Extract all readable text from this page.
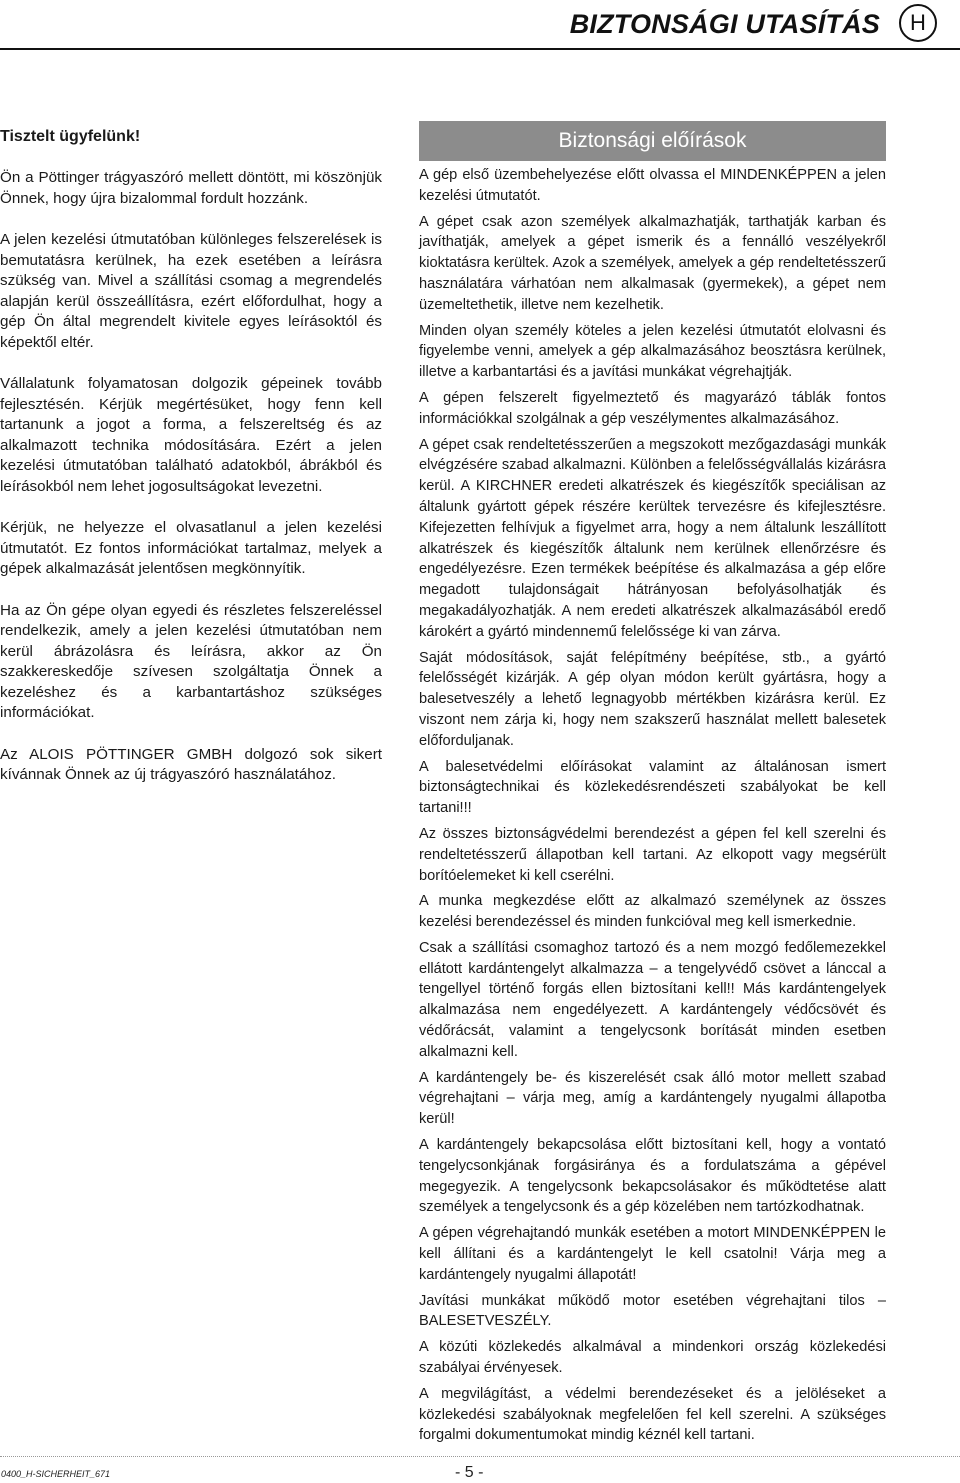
BIZTONSÁGI UTASÍTÁS	H
Tisztelt ügyfelünk!

Ön a Pöttinger trágyaszóró mellett döntött, mi köszönjük Önnek, hogy újra bizalommal fordult hozzánk.

A jelen kezelési útmutatóban különleges felszerelések is bemutatásra kerülnek, ha ezek esetében a leírásra szükség van. Mivel a szállítási csomag a megrendelés alapján kerül összeállításra, ezért előfordulhat, hogy a gép Ön által megrendelt kivitele egyes leírásoktól és képektől eltér.

Vállalatunk folyamatosan dolgozik gépeinek tovább fejlesztésén. Kérjük megértésüket, hogy fenn kell tartanunk a jogot a forma, a felszereltség és az alkalmazott technika módosítására. Ezért a jelen kezelési útmutatóban található adatokból, ábrákból és leírásokból nem lehet jogosultságokat levezetni.

Kérjük, ne helyezze el olvasatlanul a jelen kezelési útmutatót. Ez fontos információkat tartalmaz, melyek a gépek alkalmazását jelentősen megkönnyítik.

Ha az Ön gépe olyan egyedi és részletes felszereléssel rendelkezik, amely a jelen kezelési útmutatóban nem kerül ábrázolásra és leírásra, akkor az Ön szakkereskedője szívesen szolgáltatja Önnek a kezeléshez és a karbantartáshoz szükséges információkat.

Az ALOIS PÖTTINGER GMBH dolgozó sok sikert kívánnak Önnek az új trágyaszóró használatához.

Biztonsági előírások

A gép első üzembehelyezése előtt olvassa el MINDENKÉPPEN a jelen kezelési útmutatót.

A gépet csak azon személyek alkalmazhatják, tarthatják karban és javíthatják, amelyek a gépet ismerik és a fennálló veszélyekről kioktatásra kerültek. Azok a személyek, amelyek a gép rendeltetésszerű használatára várhatóan nem alkalmasak (gyermekek), a gépet nem üzemeltethetik, illetve nem kezelhetik.

Minden olyan személy köteles a jelen kezelési útmutatót elolvasni és figyelembe venni, amelyek a gép alkalmazásához beosztásra kerülnek, illetve a karbantartási és a javítási munkákat végrehajtják.

A gépen felszerelt figyelmeztető és magyarázó táblák fontos információkkal szolgálnak a gép veszélymentes alkalmazásához.

A gépet csak rendeltetésszerűen a megszokott mezőgazdasági munkák elvégzésére szabad alkalmazni. Különben a felelősségvállalás kizárásra kerül. A KIRCHNER eredeti alkatrészek és kiegészítők speciálisan az általunk gyártott gépek részére kerültek tervezésre és kifejlesztésre. Kifejezetten felhívjuk a figyelmet arra, hogy a nem általunk leszállított alkatrészek és kiegészítők általunk nem kerülnek ellenőrzésre és engedélyezésre. Ezen termékek beépítése és alkalmazása a gép előre megadott tulajdonságait hátrányosan befolyásolhatják és megakadályozhatják. A nem eredeti alkatrészek alkalmazásából eredő károkért a gyártó mindennemű felelőssége ki van zárva.

Saját módosítások, saját felépítmény beépítése, stb., a gyártó felelősségét kizárják. A gép olyan módon került gyártásra, hogy a balesetveszély a lehető legnagyobb mértékben kizárásra kerül. Ez viszont nem zárja ki, hogy nem szakszerű használat mellett balesetek előforduljanak.

A balesetvédelmi előírásokat valamint az általánosan ismert biztonságtechnikai és közlekedésrendészeti szabályokat be kell tartani!!!

Az összes biztonságvédelmi berendezést a gépen fel kell szerelni és rendeltetésszerű állapotban kell tartani. Az elkopott vagy megsérült borítóelemeket ki kell cserélni.

A munka megkezdése előtt az alkalmazó személynek az összes kezelési berendezéssel és minden funkcióval meg kell ismerkednie.

Csak a szállítási csomaghoz tartozó és a nem mozgó fedőlemezekkel ellátott kardántengelyt alkalmazza – a tengelyvédő csövet a lánccal a tengellyel történő forgás ellen biztosítani kell!! Más kardántengelyek alkalmazása nem engedélyezett. A kardántengely védőcsövét és védőrácsát, valamint a tengelycsonk borítását minden esetben alkalmazni kell.

A kardántengely be- és kiszerelését csak álló motor mellett szabad végrehajtani – várja meg, amíg a kardántengely nyugalmi állapotba kerül!

A kardántengely bekapcsolása előtt biztosítani kell, hogy a vontató tengelycsonkjának forgásiránya és a fordulatszáma a gépével megegyezik. A tengelycsonk bekapcsolásakor és működtetése alatt személyek a tengelycsonk és a gép közelében nem tartózkodhatnak.

A gépen végrehajtandó munkák esetében a motort MINDENKÉPPEN le kell állítani és a kardántengelyt le kell csatolni! Várja meg a kardántengely nyugalmi állapotát!

Javítási munkákat működő motor esetében végrehajtani tilos – BALESETVESZÉLY.

A közúti közlekedés alkalmával a mindenkori ország közlekedési szabályai érvényesek.

A megvilágítást, a védelmi berendezéseket és a jelöléseket a közlekedési szabályoknak megfelelően fel kell szerelni. A szükséges forgalmi dokumentumokat mindig kéznél kell tartani.

0400_H-SICHERHEIT_671	- 5 -
